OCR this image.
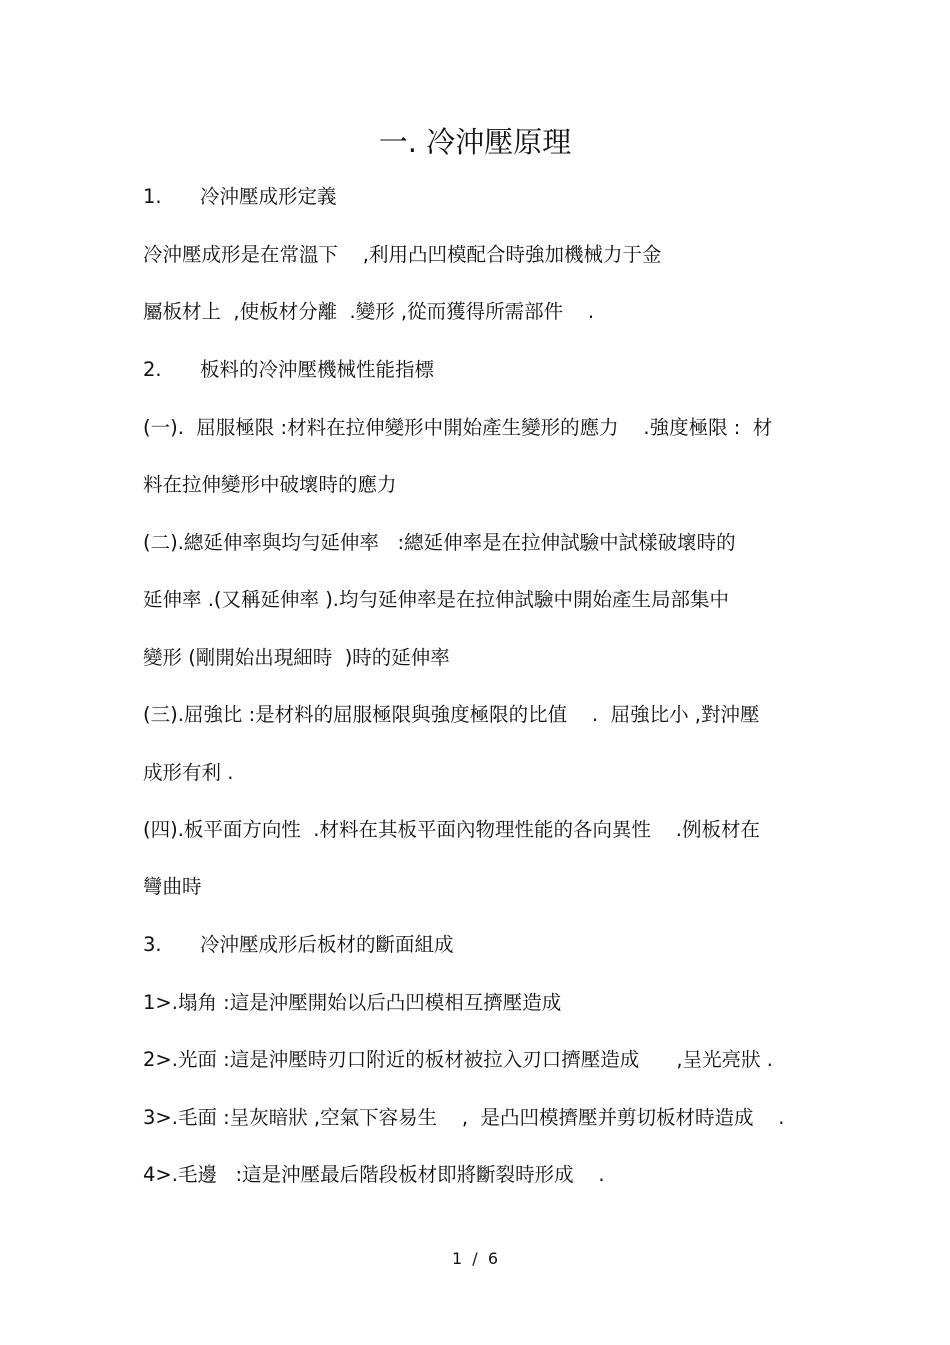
一. 冷沖壓原理
1. 冷沖壓成形定義
冷沖壓成形是在常溫下    ,利用凸凹模配合時強加機械力于金
屬板材上  ,使板材分離  .變形 ,從而獲得所需部件    .
2. 板料的冷沖壓機械性能指標
(一).  屈服極限 :材料在拉伸變形中開始產生變形的應力    .強度極限 :  材
料在拉伸變形中破壞時的應力
(二).總延伸率與均勻延伸率   :總延伸率是在拉伸試驗中試樣破壞時的
延伸率 .(又稱延伸率 ).均勻延伸率是在拉伸試驗中開始產生局部集中
變形 (剛開始出現細時  )時的延伸率
(三).屈強比 :是材料的屈服極限與強度極限的比值    .  屈強比小 ,對沖壓
成形有利 .
(四).板平面方向性  .材料在其板平面內物理性能的各向異性    .例板材在
彎曲時
3. 冷沖壓成形后板材的斷面組成
1>.塌角 :這是沖壓開始以后凸凹模相互擠壓造成
2>.光面 :這是沖壓時刃口附近的板材被拉入刃口擠壓造成      ,呈光亮狀 .
3>.毛面 :呈灰暗狀 ,空氣下容易生    ,  是凸凹模擠壓并剪切板材時造成    .
4>.毛邊   :這是沖壓最后階段板材即將斷裂時形成    .
1  /  6
